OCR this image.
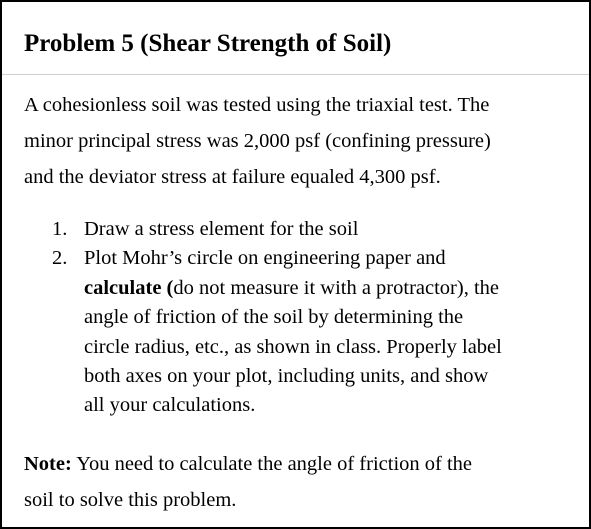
Problem 5 (Shear Strength of Soil)

A cohesionless soil was tested using the triaxial test. The
minor principal stress was 2,000 psf (confining pressure)
and the deviator stress at failure equaled 4,300 psf.

1. Draw a stress element for the soil
2. Plot Mohr’s circle on engineering paper and
calculate (do not measure it with a protractor), the
angle of friction of the soil by determining the
circle radius, etc., as shown in class. Properly label
both axes on your plot, including units, and show
all your calculations.

Note: You need to calculate the angle of friction of the
soil to solve this problem.
